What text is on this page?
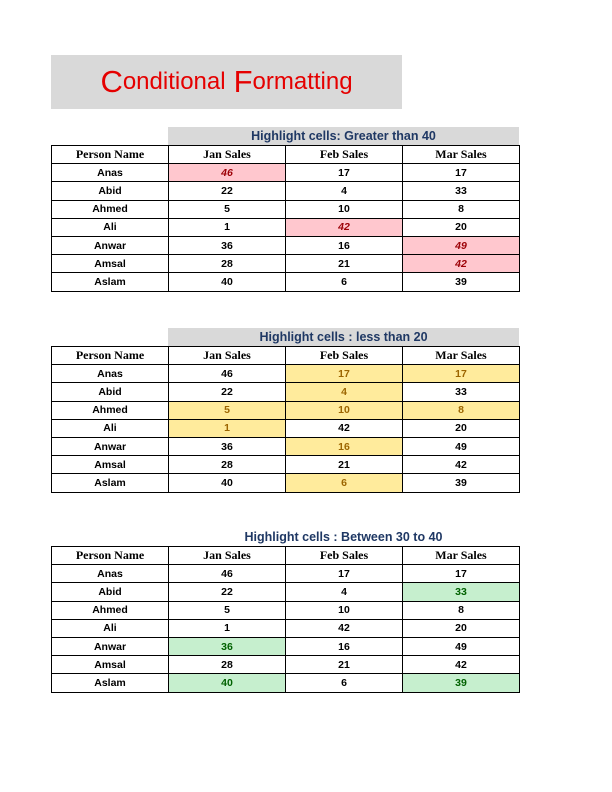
C onditional F ormatting
Highlight cells: Greater than 40
Person Name	Jan Sales	Feb Sales	Mar Sales
Anas	46	17	17
Abid	22	4	33
Ahmed	5	10	8
Ali	1	42	20
Anwar	36	16	49
Amsal	28	21	42
Aslam	40	6	39
Highlight cells : less than 20
Person Name	Jan Sales	Feb Sales	Mar Sales
Anas	46	17	17
Abid	22	4	33
Ahmed	5	10	8
Ali	1	42	20
Anwar	36	16	49
Amsal	28	21	42
Aslam	40	6	39
Highlight cells : Between 30 to 40
Person Name	Jan Sales	Feb Sales	Mar Sales
Anas	46	17	17
Abid	22	4	33
Ahmed	5	10	8
Ali	1	42	20
Anwar	36	16	49
Amsal	28	21	42
Aslam	40	6	39
